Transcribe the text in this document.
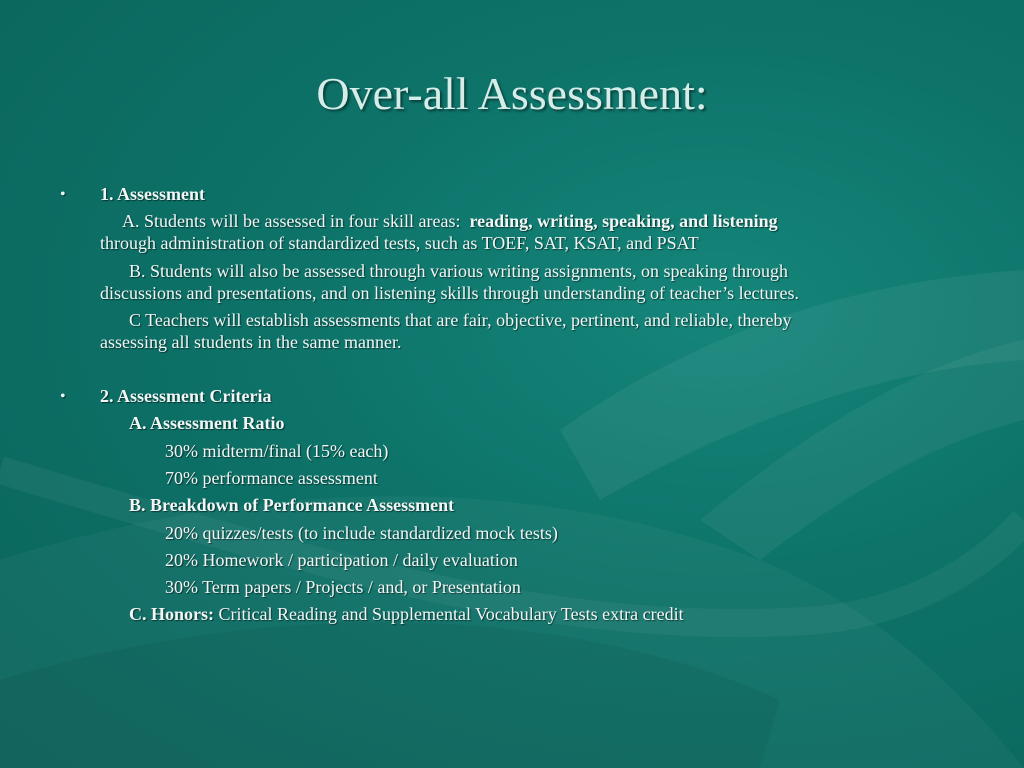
Over-all Assessment:
• 1. Assessment
A. Students will be assessed in four skill areas: reading, writing, speaking, and listening
through administration of standardized tests, such as TOEF, SAT, KSAT, and PSAT
B. Students will also be assessed through various writing assignments, on speaking through
discussions and presentations, and on listening skills through understanding of teacher’s lectures.
C Teachers will establish assessments that are fair, objective, pertinent, and reliable, thereby
assessing all students in the same manner.
• 2. Assessment Criteria
A. Assessment Ratio
30% midterm/final (15% each)
70% performance assessment
B. Breakdown of Performance Assessment
20% quizzes/tests (to include standardized mock tests)
20% Homework / participation / daily evaluation
30% Term papers / Projects / and, or Presentation
C. Honors: Critical Reading and Supplemental Vocabulary Tests extra credit
